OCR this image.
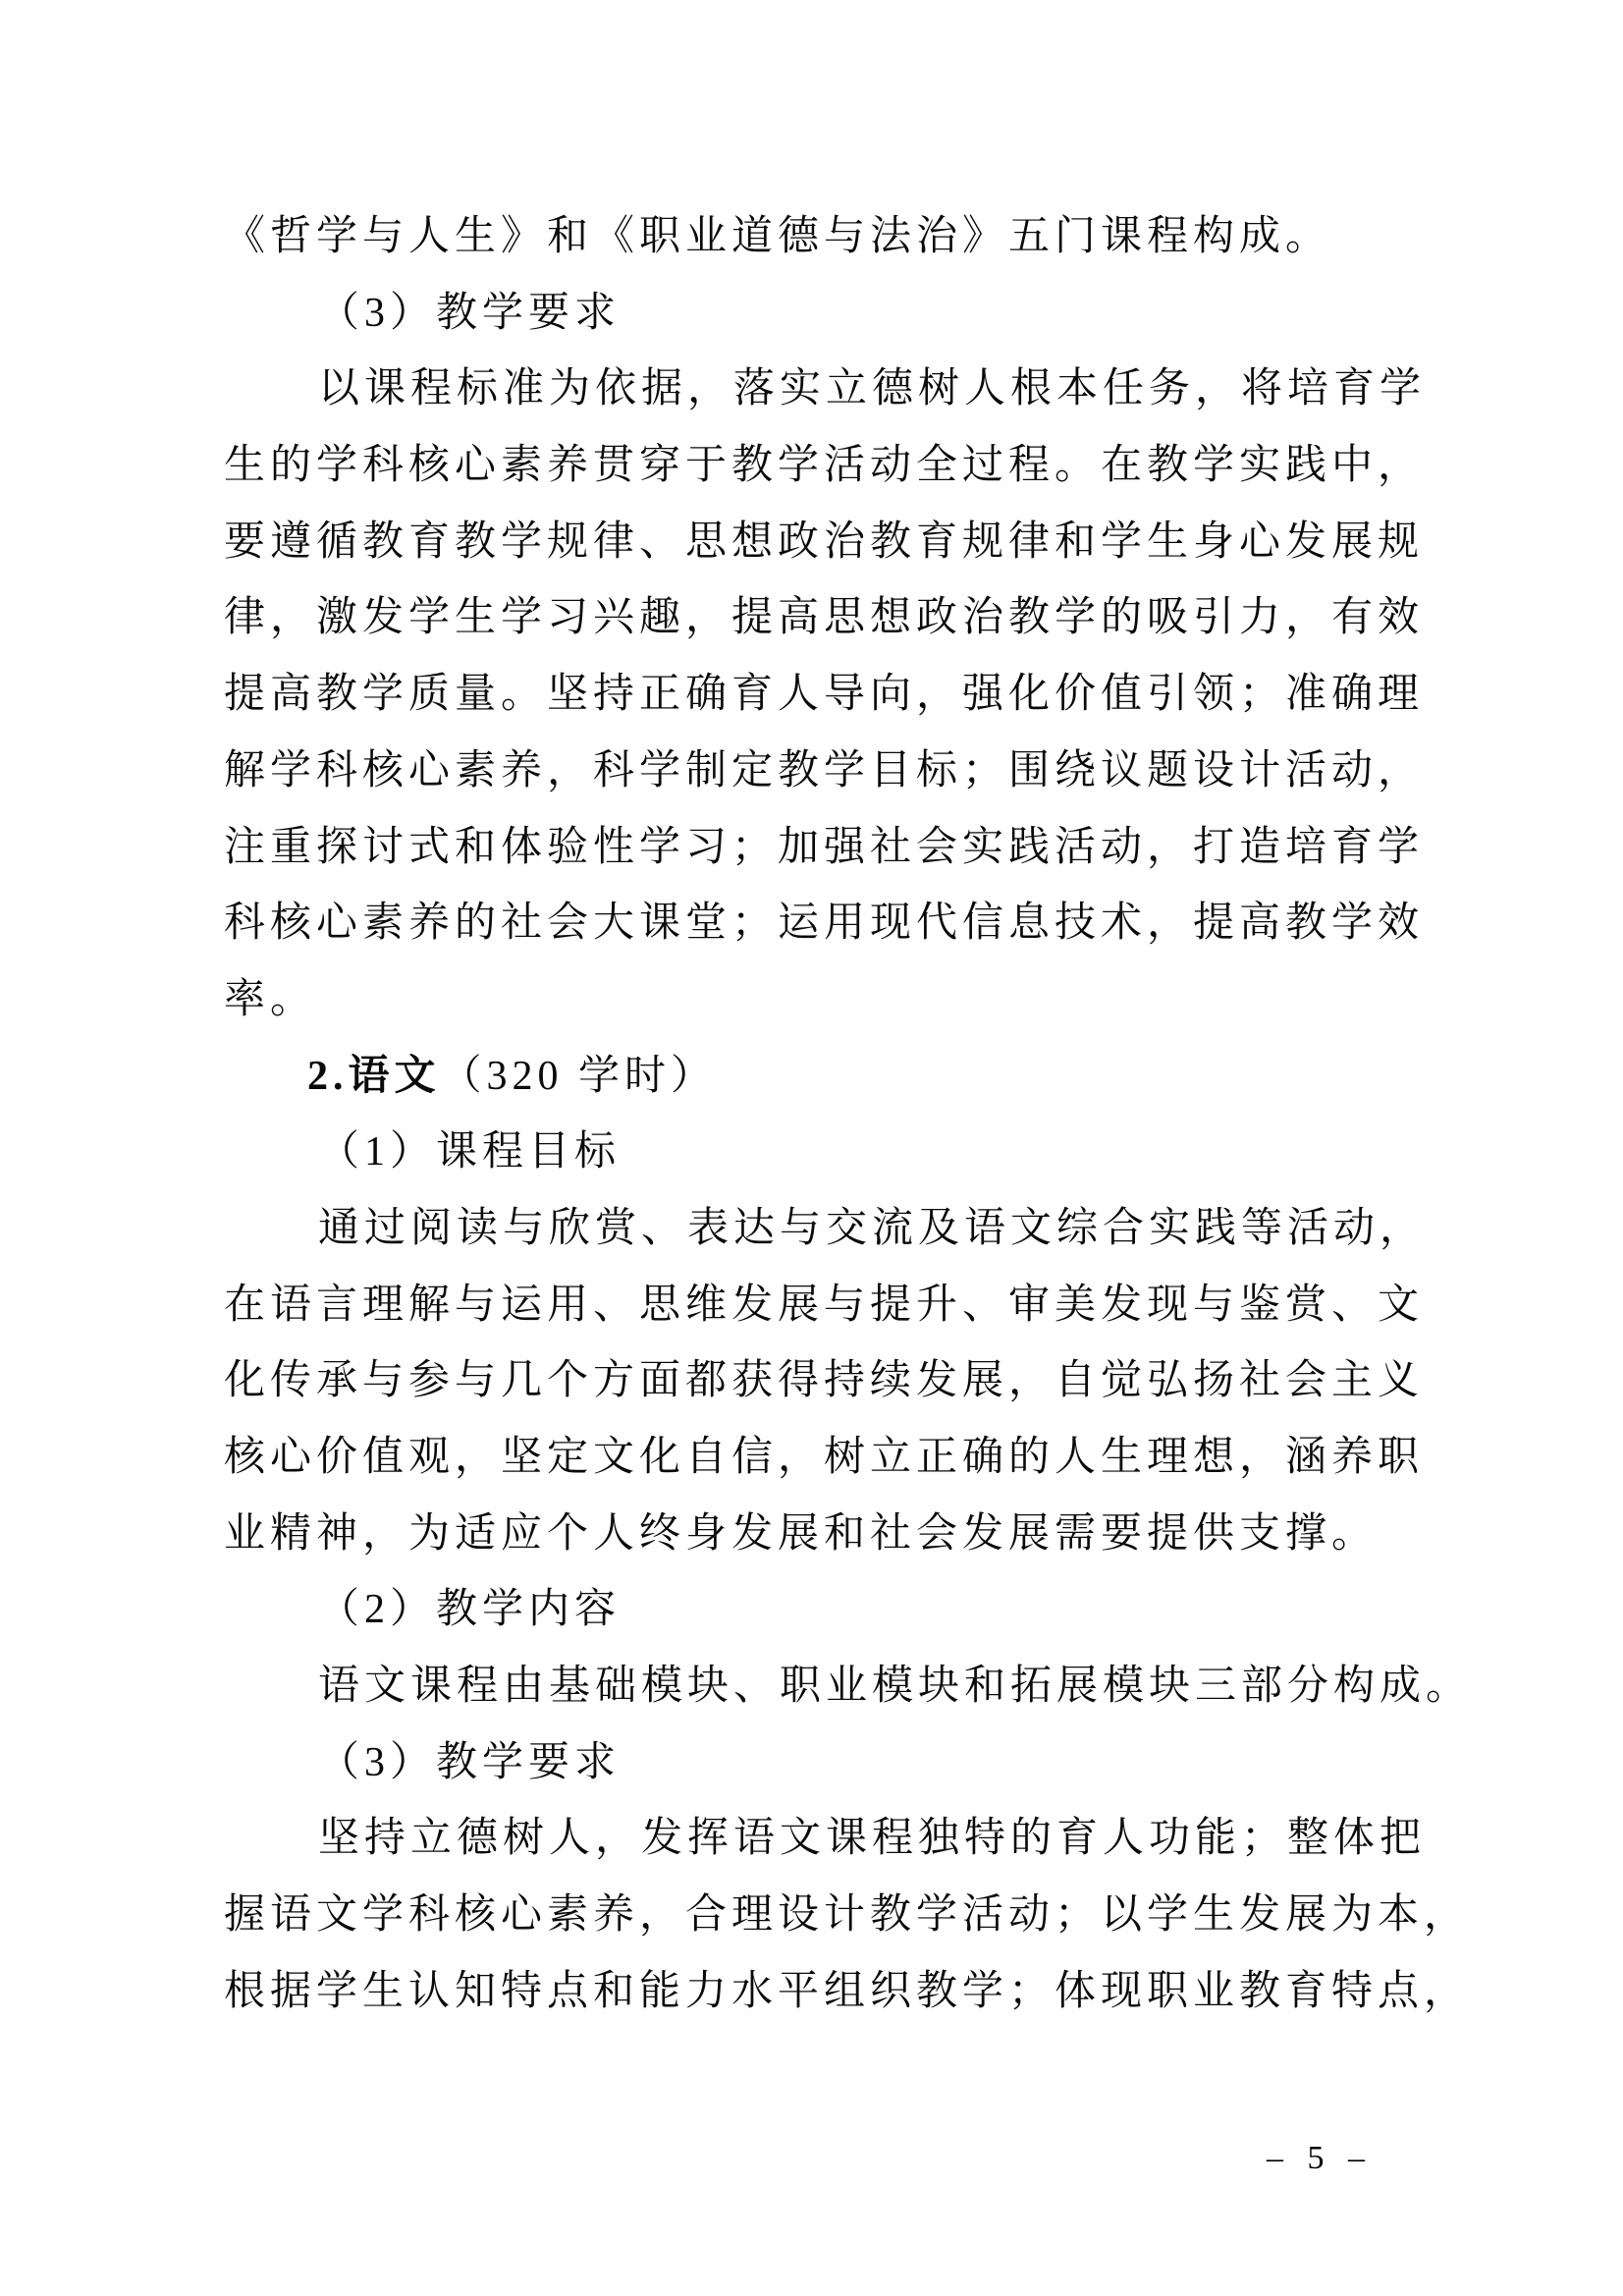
《哲学与人生》和《职业道德与法治》五门课程构成。
（3）教学要求
以课程标准为依据，落实立德树人根本任务，将培育学
生的学科核心素养贯穿于教学活动全过程。在教学实践中，
要遵循教育教学规律、思想政治教育规律和学生身心发展规
律，激发学生学习兴趣，提高思想政治教学的吸引力，有效
提高教学质量。坚持正确育人导向，强化价值引领；准确理
解学科核心素养，科学制定教学目标；围绕议题设计活动，
注重探讨式和体验性学习；加强社会实践活动，打造培育学
科核心素养的社会大课堂；运用现代信息技术，提高教学效
率。
2.语文（320 学时）
（1）课程目标
通过阅读与欣赏、表达与交流及语文综合实践等活动，
在语言理解与运用、思维发展与提升、审美发现与鉴赏、文
化传承与参与几个方面都获得持续发展，自觉弘扬社会主义
核心价值观，坚定文化自信，树立正确的人生理想，涵养职
业精神，为适应个人终身发展和社会发展需要提供支撑。
（2）教学内容
语文课程由基础模块、职业模块和拓展模块三部分构成。
（3）教学要求
坚持立德树人，发挥语文课程独特的育人功能；整体把
握语文学科核心素养，合理设计教学活动；以学生发展为本，
根据学生认知特点和能力水平组织教学；体现职业教育特点，
– 5 –
